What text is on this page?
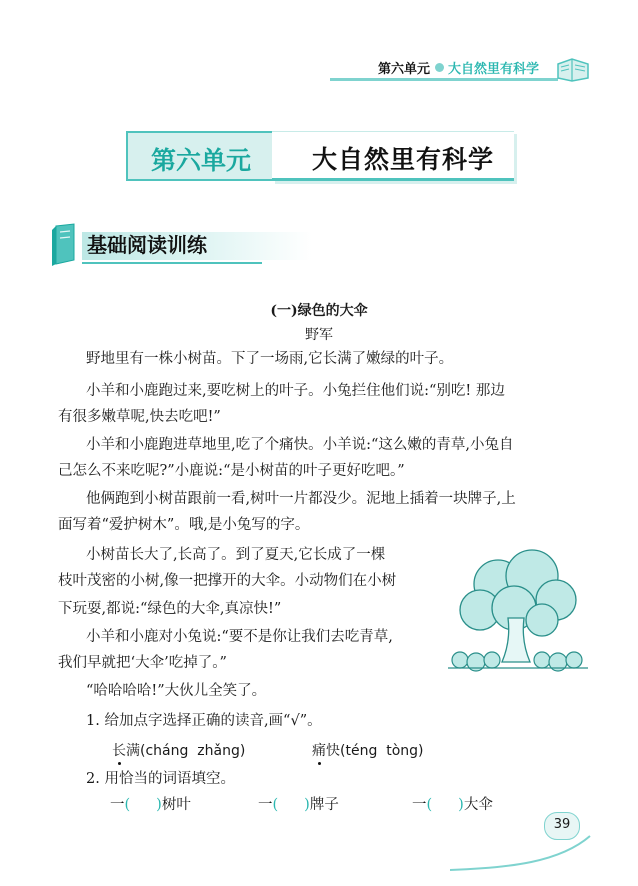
第六单元 大自然里有科学
第六单元	大自然里有科学
基础阅读训练
(一)绿色的大伞
野军
野地里有一株小树苗。下了一场雨,它长满了嫩绿的叶子。
小羊和小鹿跑过来,要吃树上的叶子。小兔拦住他们说:“别吃! 那边
有很多嫩草呢,快去吃吧!”
小羊和小鹿跑进草地里,吃了个痛快。小羊说:“这么嫩的青草,小兔自
己怎么不来吃呢?”小鹿说:“是小树苗的叶子更好吃吧。”
他俩跑到小树苗跟前一看,树叶一片都没少。泥地上插着一块牌子,上
面写着“爱护树木”。哦,是小兔写的字。
小树苗长大了,长高了。到了夏天,它长成了一棵
枝叶茂密的小树,像一把撑开的大伞。小动物们在小树
下玩耍,都说:“绿色的大伞,真凉快!”
小羊和小鹿对小兔说:“要不是你让我们去吃青草,
我们早就把‘大伞’吃掉了。”
“哈哈哈哈!”大伙儿全笑了。
1. 给加点字选择正确的读音,画“√”。
长满(cháng  zhǎng)	痛快(téng  tòng)
2. 用恰当的词语填空。
一( )树叶	一( )牌子	一( )大伞
39
